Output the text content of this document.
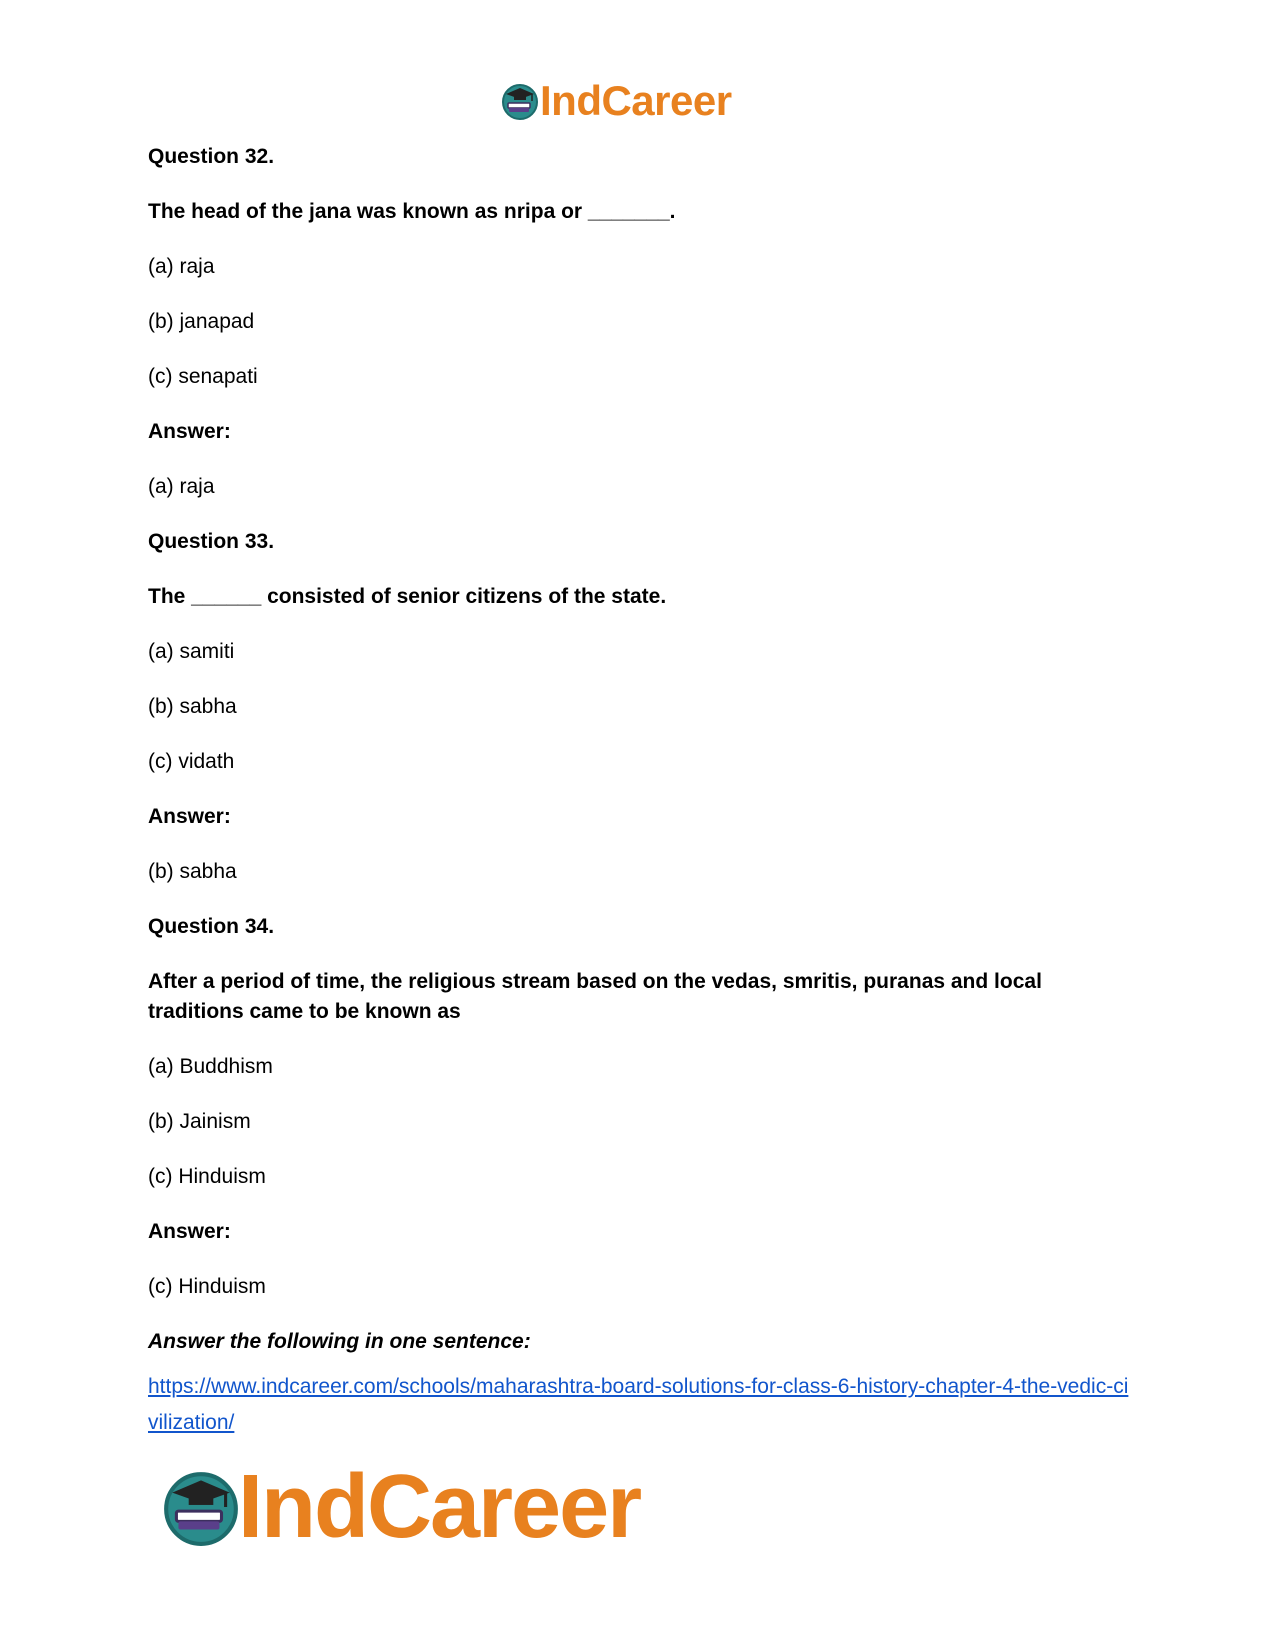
IndCareer

Question 32.

The head of the jana was known as nripa or _______.

(a) raja

(b) janapad

(c) senapati

Answer:

(a) raja

Question 33.

The ______ consisted of senior citizens of the state.

(a) samiti

(b) sabha

(c) vidath

Answer:

(b) sabha

Question 34.

After a period of time, the religious stream based on the vedas, smritis, puranas and local traditions came to be known as

(a) Buddhism

(b) Jainism

(c) Hinduism

Answer:

(c) Hinduism

Answer the following in one sentence:

https://www.indcareer.com/schools/maharashtra-board-solutions-for-class-6-history-chapter-4-the-vedic-civilization/
IndCareer
